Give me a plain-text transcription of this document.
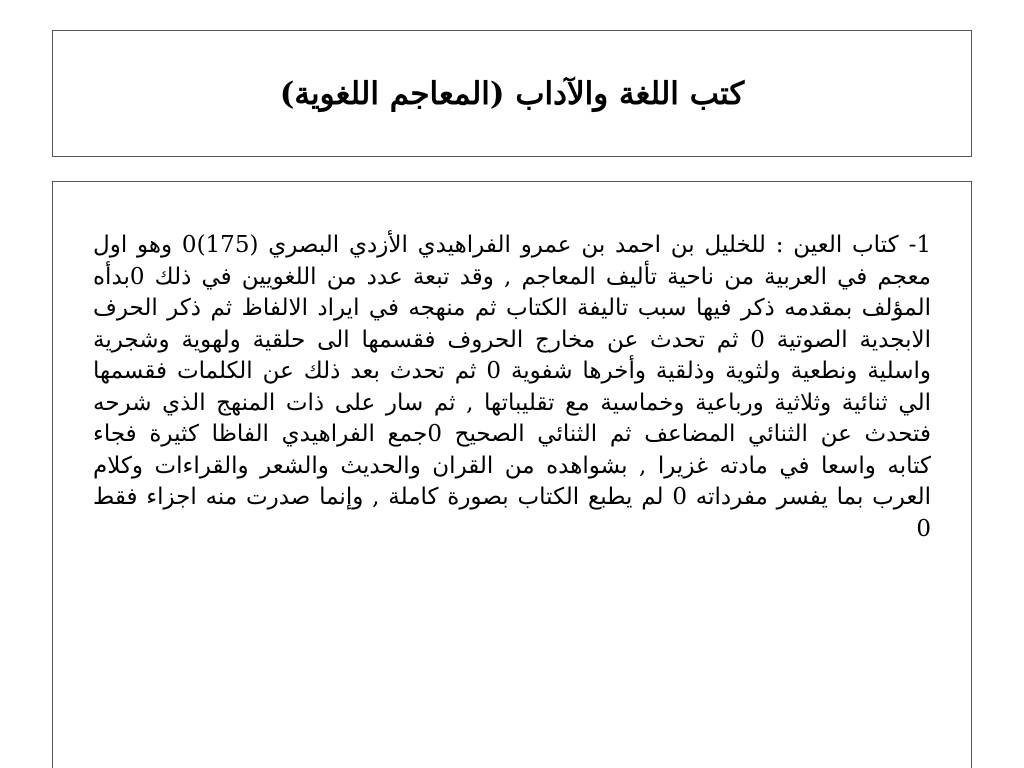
كتب اللغة والآداب (المعاجم اللغوية)
1-كتاب العين : للخليل بن احمد بن عمرو الفراهيدي الأزدي البصري (175)0 وهو اول معجم في العربية من ناحية تأليف المعاجم , وقد تبعة عدد من اللغويين في ذلك 0بدأه المؤلف بمقدمه ذكر فيها سبب تاليفة الكتاب ثم منهجه في ايراد الالفاظ ثم ذكر الحرف الابجدية الصوتية 0 ثم تحدث عن مخارج الحروف فقسمها الى حلقية ولهوية وشجرية واسلية ونطعية ولثوية وذلقية وأخرها شفوية 0 ثم تحدث بعد ذلك عن الكلمات فقسمها الي ثنائية وثلاثية ورباعية وخماسية مع تقليباتها , ثم سار على ذات المنهج الذي شرحه فتحدث عن الثنائي المضاعف ثم الثنائي الصحيح 0جمع الفراهيدي الفاظا كثيرة فجاء كتابه واسعا في مادته غزيرا , بشواهده من القران والحديث والشعر والقراءات وكلام العرب بما يفسر مفرداته 0 لم يطبع الكتاب بصورة كاملة , وإنما صدرت منه اجزاء فقط 0
